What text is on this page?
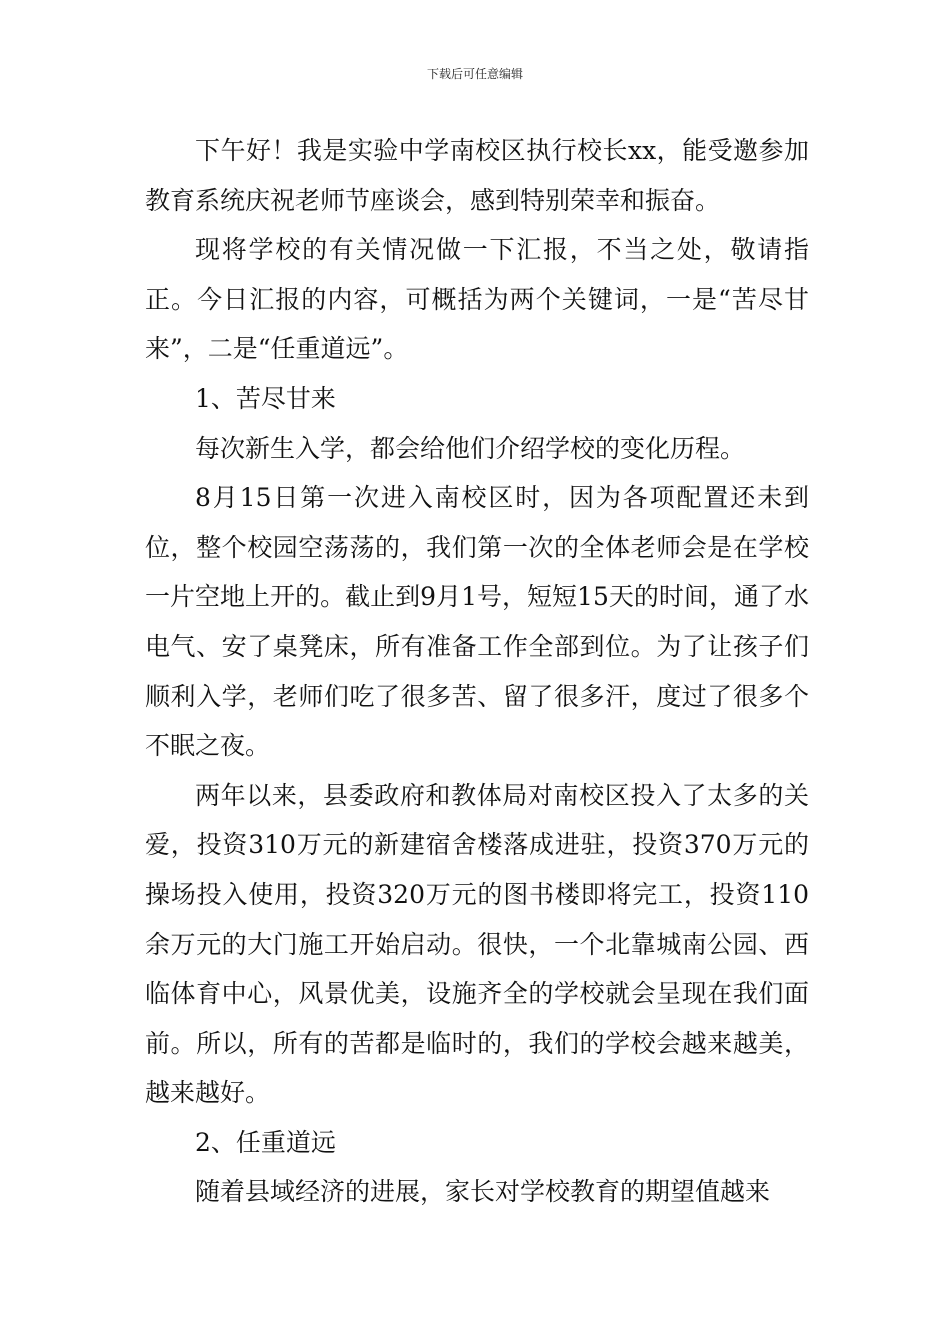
下载后可任意编辑

下午好！我是实验中学南校区执行校长xx，能受邀参加教育系统庆祝老师节座谈会，感到特别荣幸和振奋。

现将学校的有关情况做一下汇报，不当之处，敬请指正。今日汇报的内容，可概括为两个关键词，一是“苦尽甘来”，二是“任重道远”。

1、苦尽甘来

每次新生入学，都会给他们介绍学校的变化历程。

8月15日第一次进入南校区时，因为各项配置还未到位，整个校园空荡荡的，我们第一次的全体老师会是在学校一片空地上开的。截止到9月1号，短短15天的时间，通了水电气、安了桌凳床，所有准备工作全部到位。为了让孩子们顺利入学，老师们吃了很多苦、留了很多汗，度过了很多个不眠之夜。

两年以来，县委政府和教体局对南校区投入了太多的关爱，投资310万元的新建宿舍楼落成进驻，投资370万元的操场投入使用，投资320万元的图书楼即将完工，投资110余万元的大门施工开始启动。很快，一个北靠城南公园、西临体育中心，风景优美，设施齐全的学校就会呈现在我们面前。所以，所有的苦都是临时的，我们的学校会越来越美，越来越好。

2、任重道远

随着县域经济的进展，家长对学校教育的期望值越来
